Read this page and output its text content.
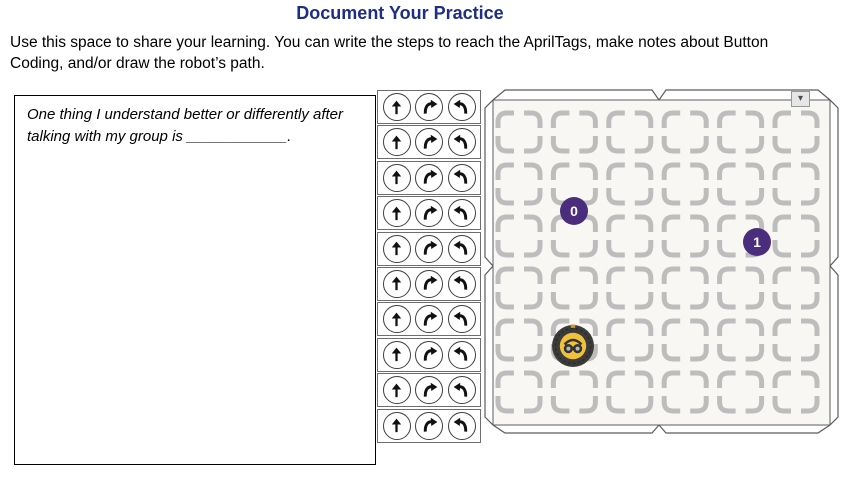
Document Your Practice
Use this space to share your learning. You can write the steps to reach the AprilTags, make notes about Button Coding, and/or draw the robot’s path.
One thing I understand better or differently after talking with my group is ____________.
0
1
▾
